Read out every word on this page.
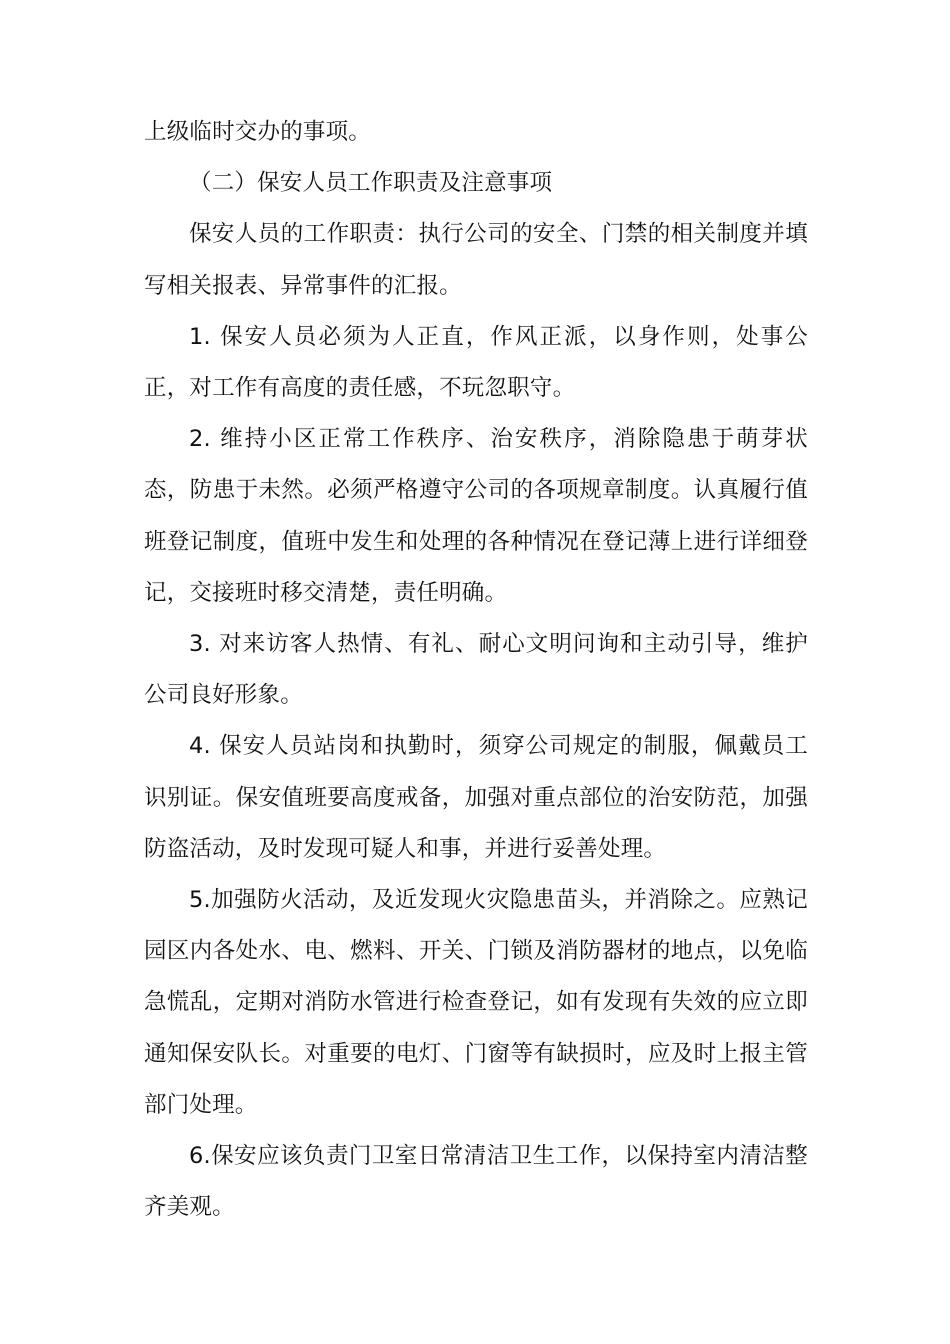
上级临时交办的事项。

（二）保安人员工作职责及注意事项

保安人员的工作职责：执行公司的安全、门禁的相关制度并填写相关报表、异常事件的汇报。

1. 保安人员必须为人正直，作风正派，以身作则，处事公正，对工作有高度的责任感，不玩忽职守。

2. 维持小区正常工作秩序、治安秩序，消除隐患于萌芽状态，防患于未然。必须严格遵守公司的各项规章制度。认真履行值班登记制度，值班中发生和处理的各种情况在登记薄上进行详细登记，交接班时移交清楚，责任明确。

3. 对来访客人热情、有礼、耐心文明问询和主动引导，维护公司良好形象。

4. 保安人员站岗和执勤时，须穿公司规定的制服，佩戴员工识别证。保安值班要高度戒备，加强对重点部位的治安防范，加强防盗活动，及时发现可疑人和事，并进行妥善处理。

5.加强防火活动，及近发现火灾隐患苗头，并消除之。应熟记园区内各处水、电、燃料、开关、门锁及消防器材的地点，以免临急慌乱，定期对消防水管进行检查登记，如有发现有失效的应立即通知保安队长。对重要的电灯、门窗等有缺损时，应及时上报主管部门处理。

6.保安应该负责门卫室日常清洁卫生工作，以保持室内清洁整齐美观。
